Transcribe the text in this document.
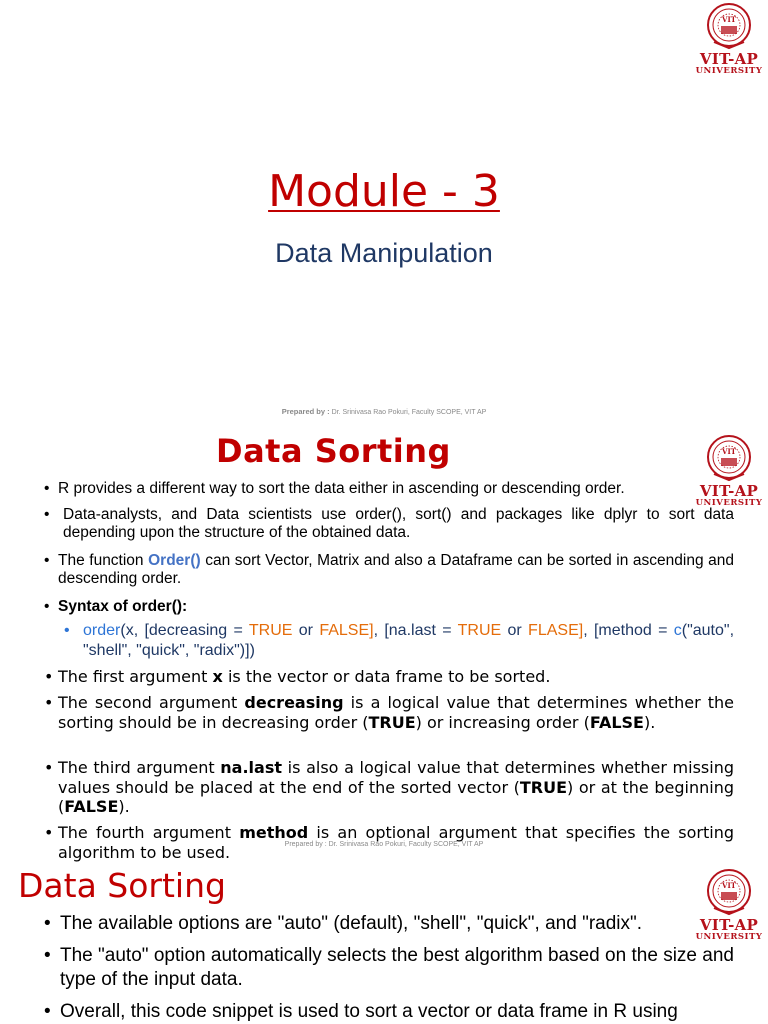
VIT
VIT-AP
UNIVERSITY
Module - 3
Data Manipulation
Prepared by : Dr. Srinivasa Rao Pokuri, Faculty SCOPE, VIT AP
VIT
VIT-AP
UNIVERSITY
Data Sorting
• R provides a different way to sort the data either in ascending or descending order.
• Data-analysts, and Data scientists use order(), sort() and packages like dplyr to sort data depending upon the structure of the obtained data.
• The function Order() can sort Vector, Matrix and also a Dataframe can be sorted in ascending and descending order.
• Syntax of order():
• order(x, [decreasing = TRUE or FALSE], [na.last = TRUE or FLASE], [method = c("auto", "shell", "quick", "radix")])
• The first argument x is the vector or data frame to be sorted.
• The second argument decreasing is a logical value that determines whether the sorting should be in decreasing order (TRUE) or increasing order (FALSE).
• The third argument na.last is also a logical value that determines whether missing values should be placed at the end of the sorted vector (TRUE) or at the beginning (FALSE).
• The fourth argument method is an optional argument that specifies the sorting algorithm to be used.	Prepared by : Dr. Srinivasa Rao Pokuri, Faculty SCOPE, VIT AP
VIT
VIT-AP
UNIVERSITY
Data Sorting
• The available options are "auto" (default), "shell", "quick", and "radix".
• The "auto" option automatically selects the best algorithm based on the size and type of the input data.
• Overall, this code snippet is used to sort a vector or data frame in R using
